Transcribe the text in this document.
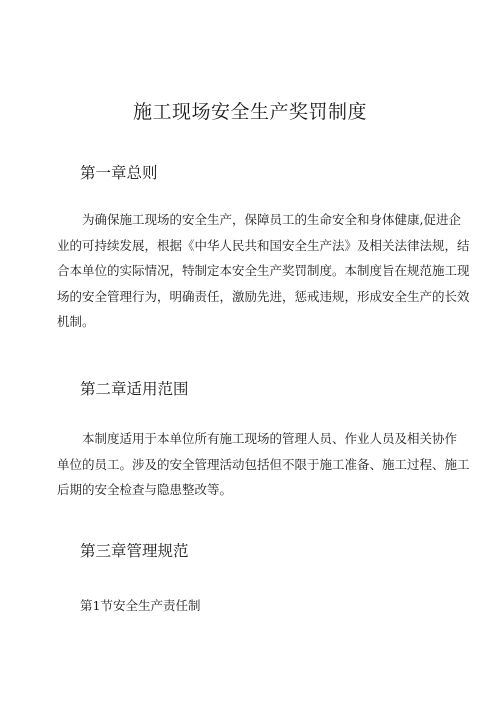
施工现场安全生产奖罚制度
第一章总则
为确保施工现场的安全生产，保障员工的生命安全和身体健康,促进企
业的可持续发展，根据《中华人民共和国安全生产法》及相关法律法规，结
合本单位的实际情况，特制定本安全生产奖罚制度。本制度旨在规范施工现
场的安全管理行为，明确责任，激励先进，惩戒违规，形成安全生产的长效
机制。
第二章适用范围
本制度适用于本单位所有施工现场的管理人员、作业人员及相关协作
单位的员工。涉及的安全管理活动包括但不限于施工准备、施工过程、施工
后期的安全检查与隐患整改等。
第三章管理规范

第1节安全生产责任制
